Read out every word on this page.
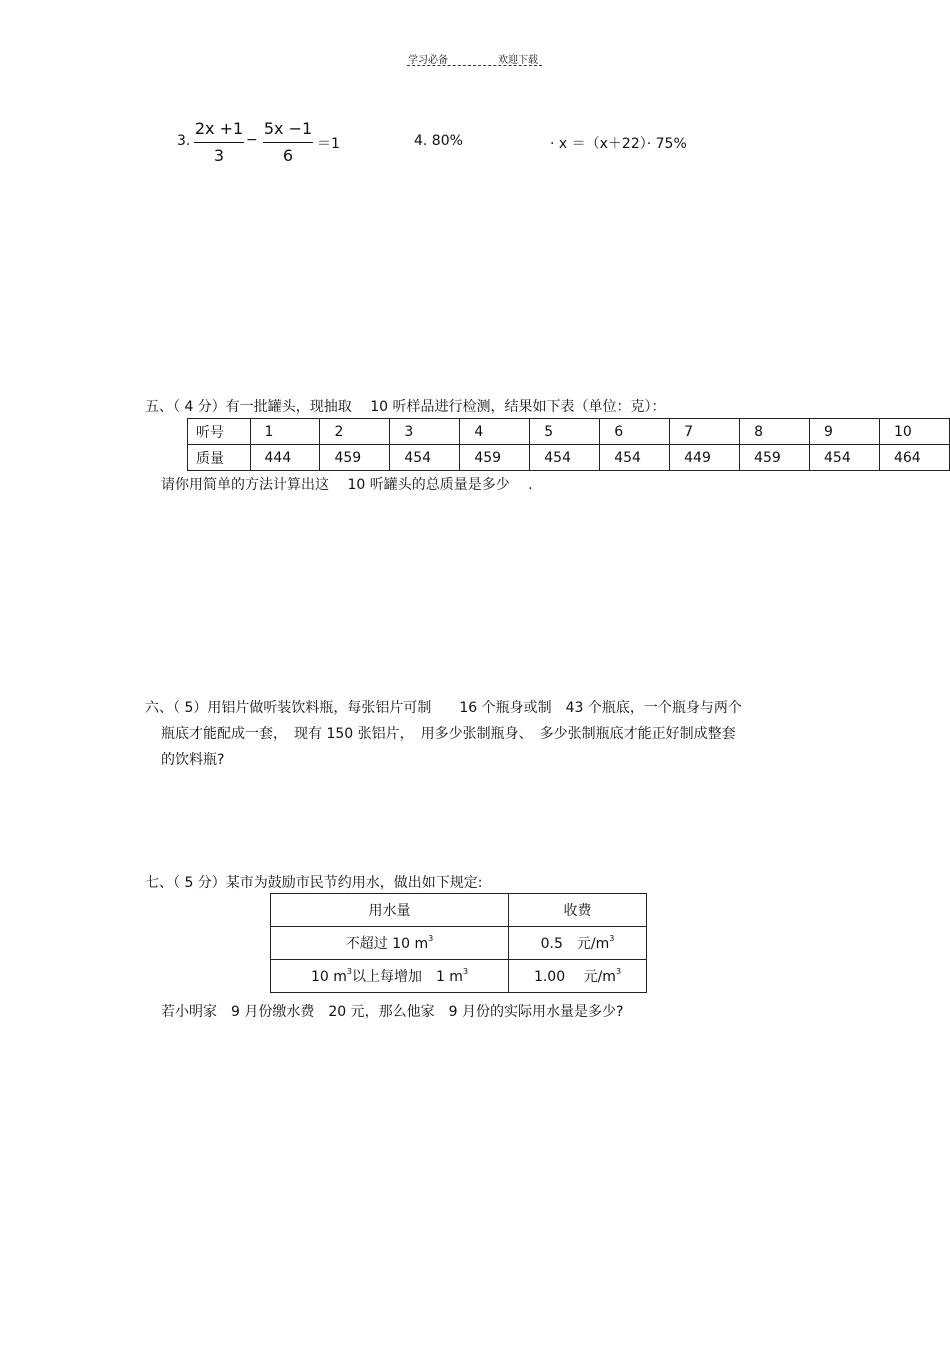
学习必备	欢迎下载
3.
2x +1
3
−
5x −1
6
＝1	4. 80%	· x ＝（x＋22）· 75%
五、（ 4 分）有一批罐头，现抽取　 10 听样品进行检测，结果如下表（单位：克）：
听号	1	2	3	4	5	6	7	8	9	10
质量	444	459	454	459	454	454	449	459	454	464
请你用简单的方法计算出这　 10 听罐头的总质量是多少　 .
六、（ 5）用铝片做听装饮料瓶，每张铝片可制　　16 个瓶身或制　43 个瓶底，一个瓶身与两个
瓶底才能配成一套，　现有 150 张铝片，　用多少张制瓶身、　多少张制瓶底才能正好制成整套
的饮料瓶?
七、（ 5 分）某市为鼓励市民节约用水，做出如下规定:
用水量	收费
不超过 10 $m^3$	0.5　元$/m^3$
10 $m^3$以上每增加　1 $m^3$	1.00　 元$/m^3$
若小明家　9 月份缴水费　20 元，那么他家　9 月份的实际用水量是多少?
